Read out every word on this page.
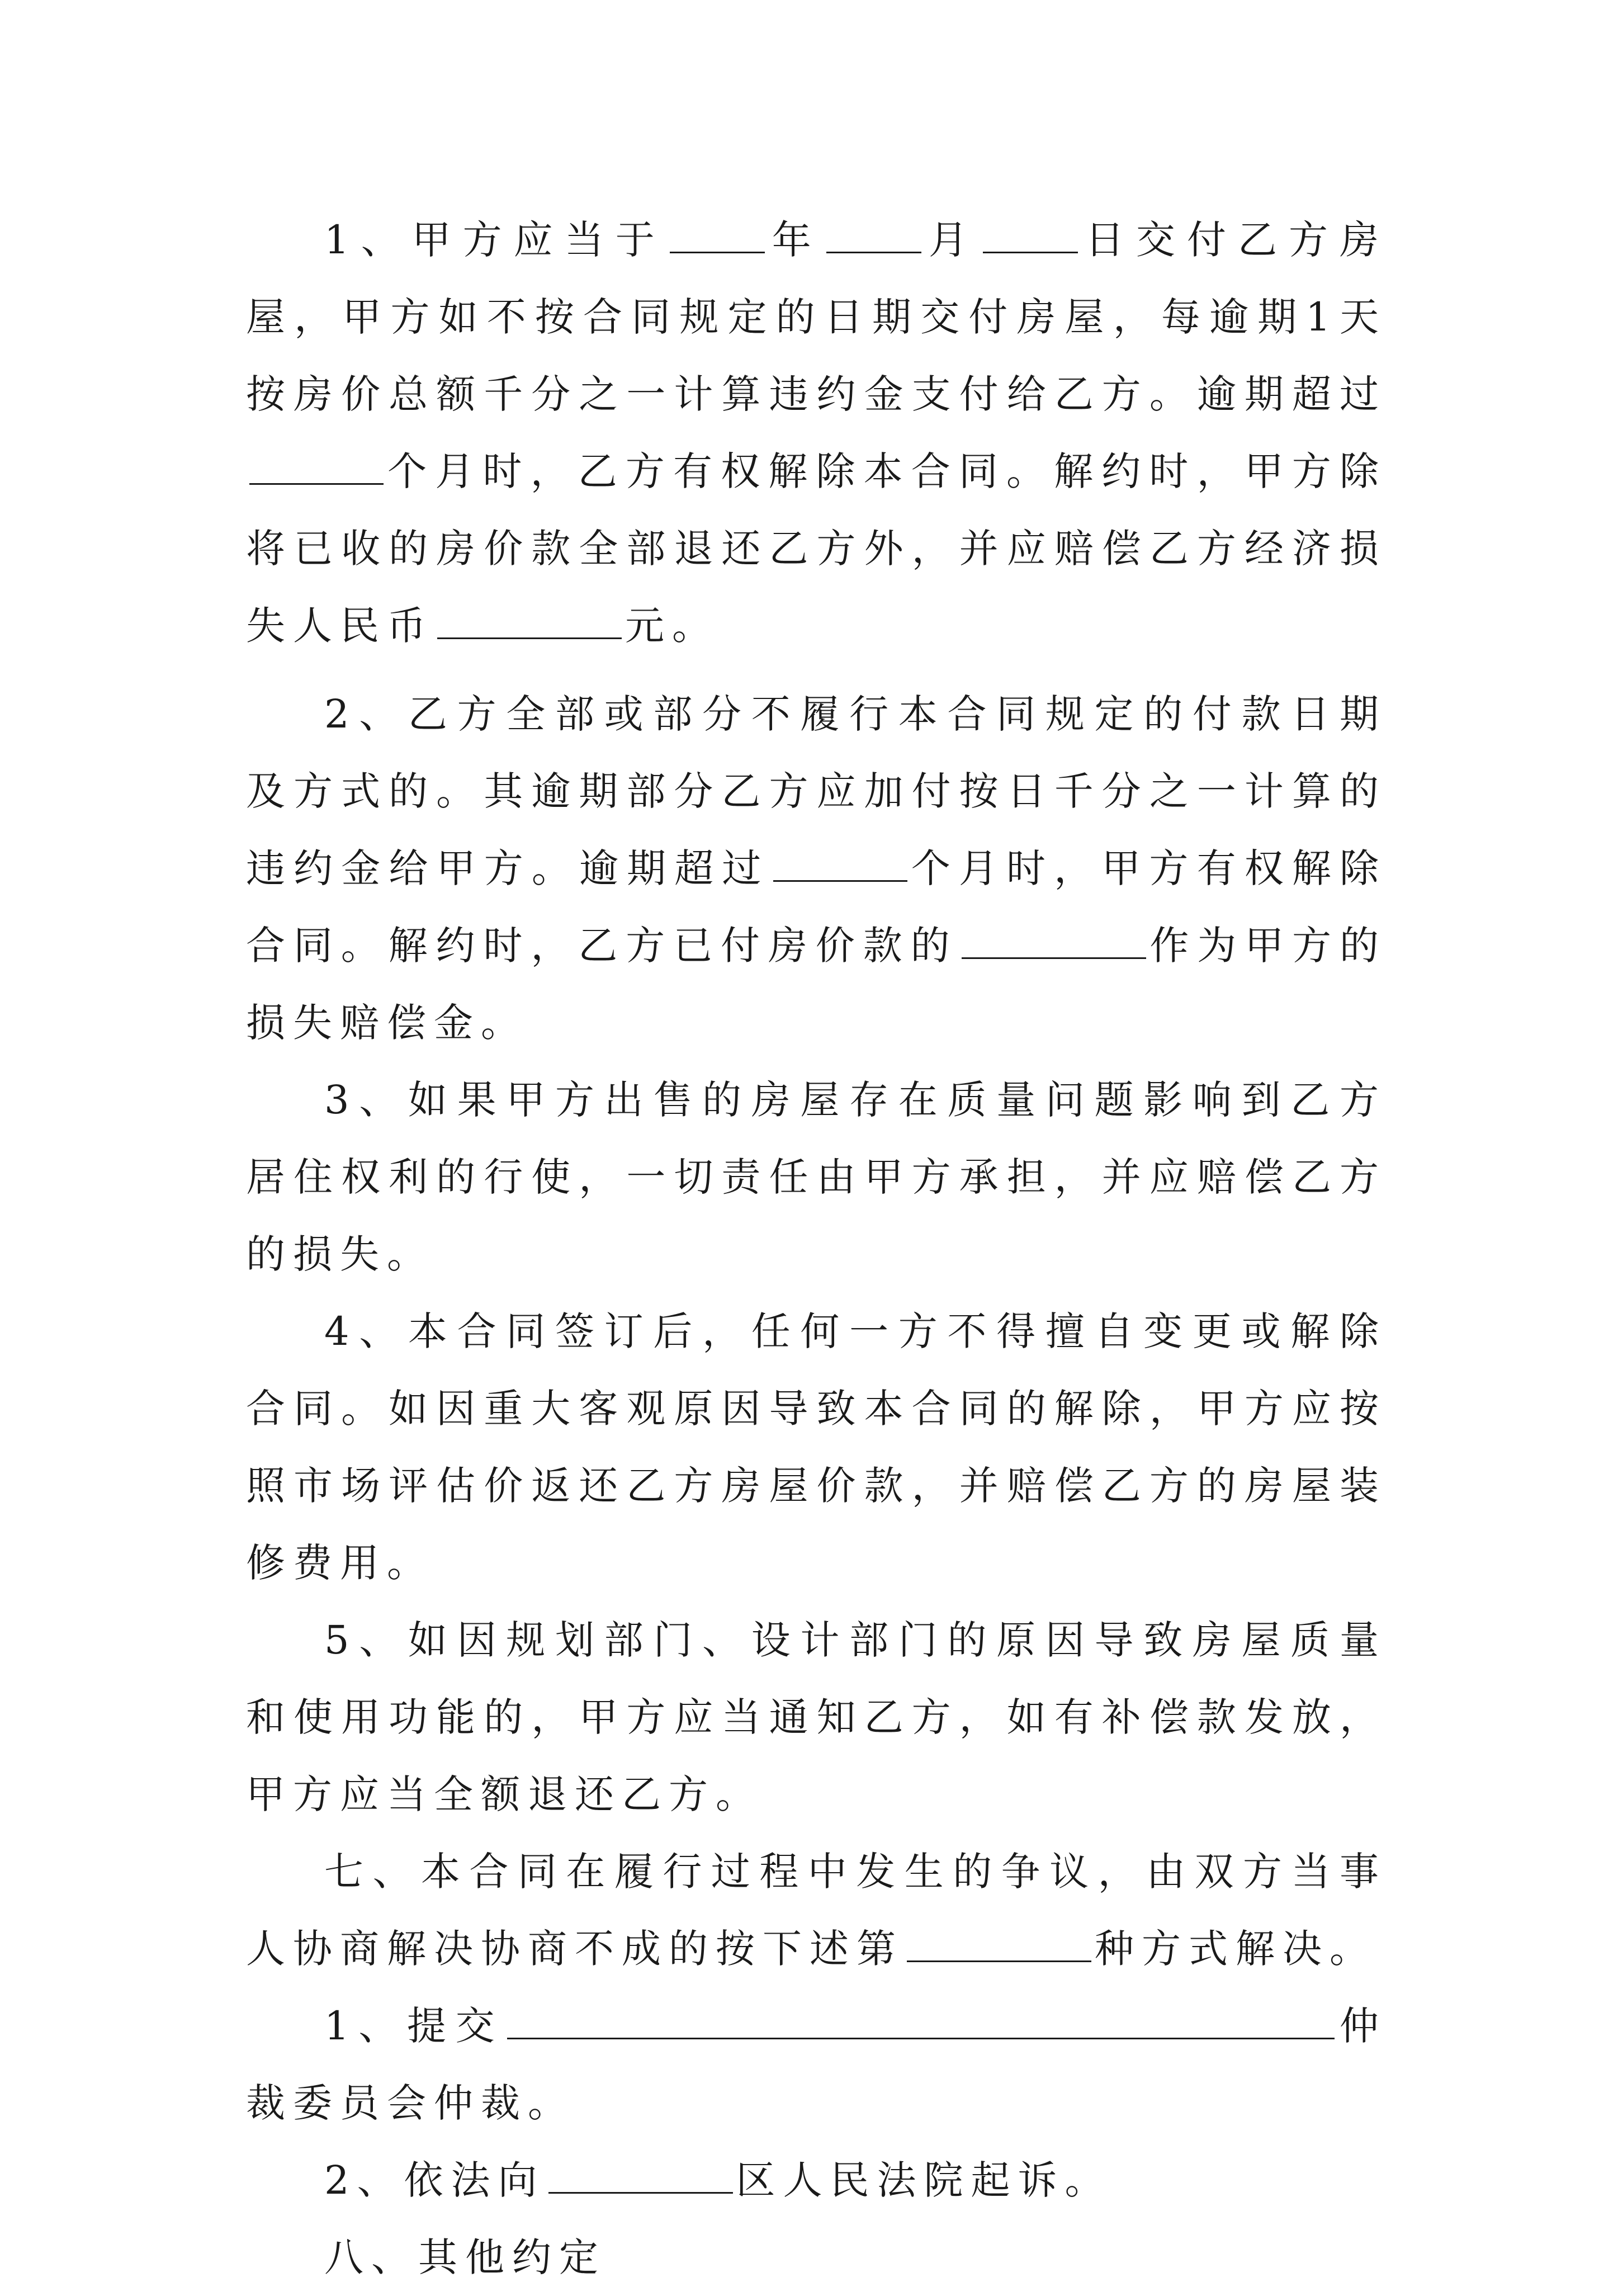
1、甲方应当于	年	月	日交付乙方房屋，甲方如不按合同规定的日期交付房屋，每逾期1天按房价总额千分之一计算违约金支付给乙方。逾期超过个月时，乙方有权解除本合同。解约时，甲方除将已收的房价款全部退还乙方外，并应赔偿乙方经济损失人民币	元。

2、乙方全部或部分不履行本合同规定的付款日期及方式的。其逾期部分乙方应加付按日千分之一计算的违约金给甲方。逾期超过	个月时，甲方有权解除合同。解约时，乙方已付房价款的	作为甲方的损失赔偿金。

3、如果甲方出售的房屋存在质量问题影响到乙方居住权利的行使，一切责任由甲方承担，并应赔偿乙方的损失。

4、本合同签订后，任何一方不得擅自变更或解除合同。如因重大客观原因导致本合同的解除，甲方应按照市场评估价返还乙方房屋价款，并赔偿乙方的房屋装修费用。

5、如因规划部门、设计部门的原因导致房屋质量和使用功能的，甲方应当通知乙方，如有补偿款发放，甲方应当全额退还乙方。

七、本合同在履行过程中发生的争议，由双方当事人协商解决协商不成的按下述第	种方式解决。

1、提交	仲裁委员会仲裁。

2、依法向	区人民法院起诉。

八、其他约定
